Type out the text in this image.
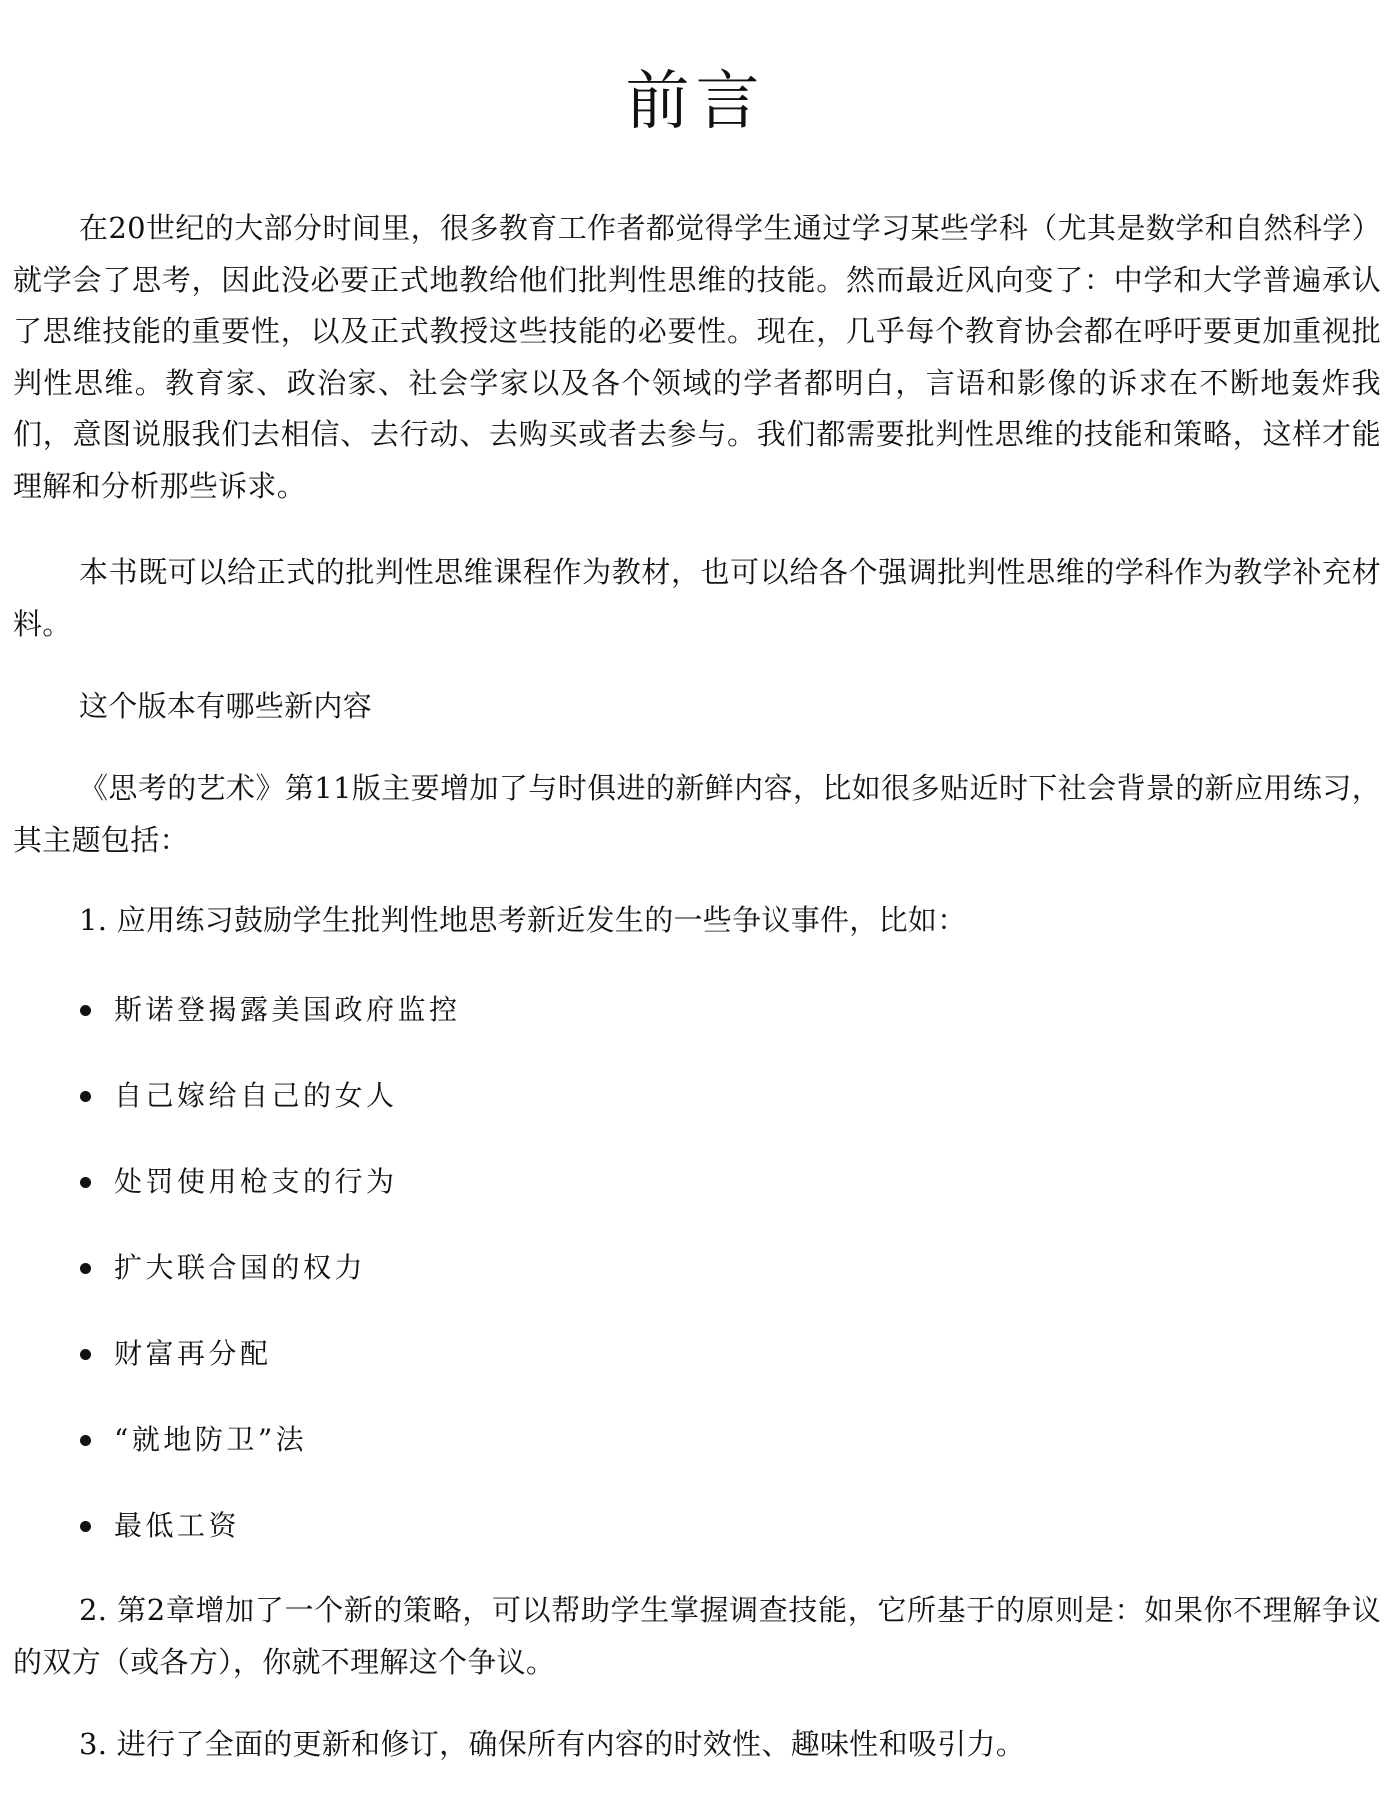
前言

在20世纪的大部分时间里，很多教育工作者都觉得学生通过学习某些学科（尤其是数学和自然科学）就学会了思考，因此没必要正式地教给他们批判性思维的技能。然而最近风向变了：中学和大学普遍承认了思维技能的重要性，以及正式教授这些技能的必要性。现在，几乎每个教育协会都在呼吁要更加重视批判性思维。教育家、政治家、社会学家以及各个领域的学者都明白，言语和影像的诉求在不断地轰炸我们，意图说服我们去相信、去行动、去购买或者去参与。我们都需要批判性思维的技能和策略，这样才能理解和分析那些诉求。

本书既可以给正式的批判性思维课程作为教材，也可以给各个强调批判性思维的学科作为教学补充材料。

这个版本有哪些新内容

《思考的艺术》第11版主要增加了与时俱进的新鲜内容，比如很多贴近时下社会背景的新应用练习，其主题包括：

1. 应用练习鼓励学生批判性地思考新近发生的一些争议事件，比如：

斯诺登揭露美国政府监控
自己嫁给自己的女人
处罚使用枪支的行为
扩大联合国的权力
财富再分配
“就地防卫”法
最低工资

2. 第2章增加了一个新的策略，可以帮助学生掌握调查技能，它所基于的原则是：如果你不理解争议的双方（或各方），你就不理解这个争议。

3. 进行了全面的更新和修订，确保所有内容的时效性、趣味性和吸引力。
